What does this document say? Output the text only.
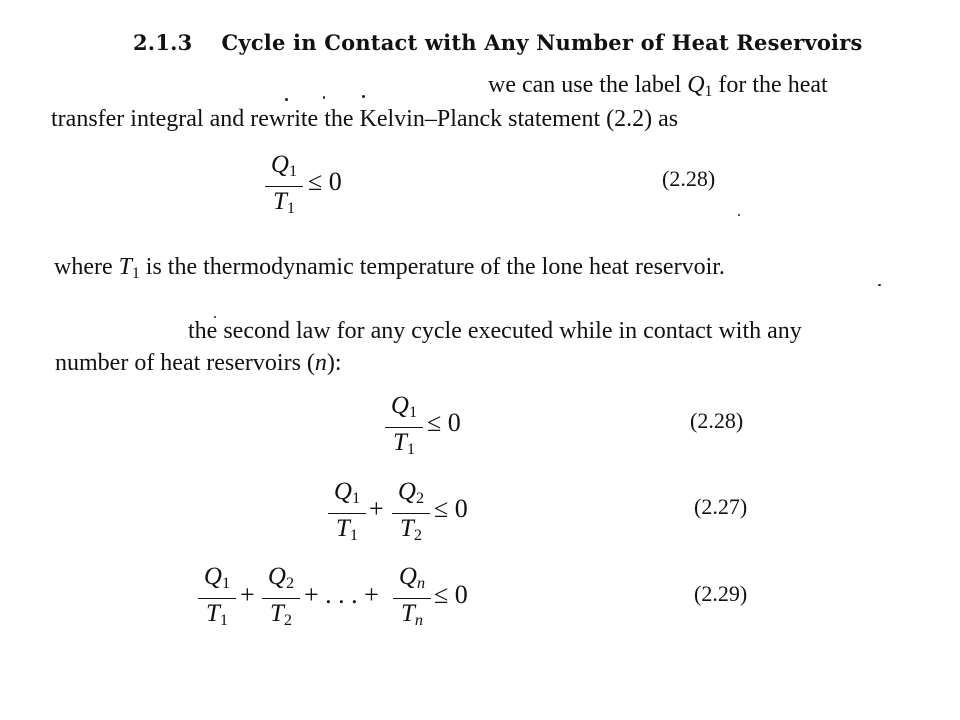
2.1.3 Cycle in Contact with Any Number of Heat Reservoirs
we can use the label $Q_1$ for the heat
transfer integral and rewrite the Kelvin–Planck statement (2.2) as
$Q_1$
$T_1$
≤ 0	(2.28)
where $T_1$ is the thermodynamic temperature of the lone heat reservoir.
the second law for any cycle executed while in contact with any
number of heat reservoirs (n):
$Q_1$
$T_1$
≤ 0	(2.28)
$Q_1$
$T_1$
+
$Q_2$
$T_2$
≤ 0	(2.27)
$Q_1$
$T_1$
+
$Q_2$
$T_2$
+ . . . +
$Q_n$
$T_n$
≤ 0	(2.29)
